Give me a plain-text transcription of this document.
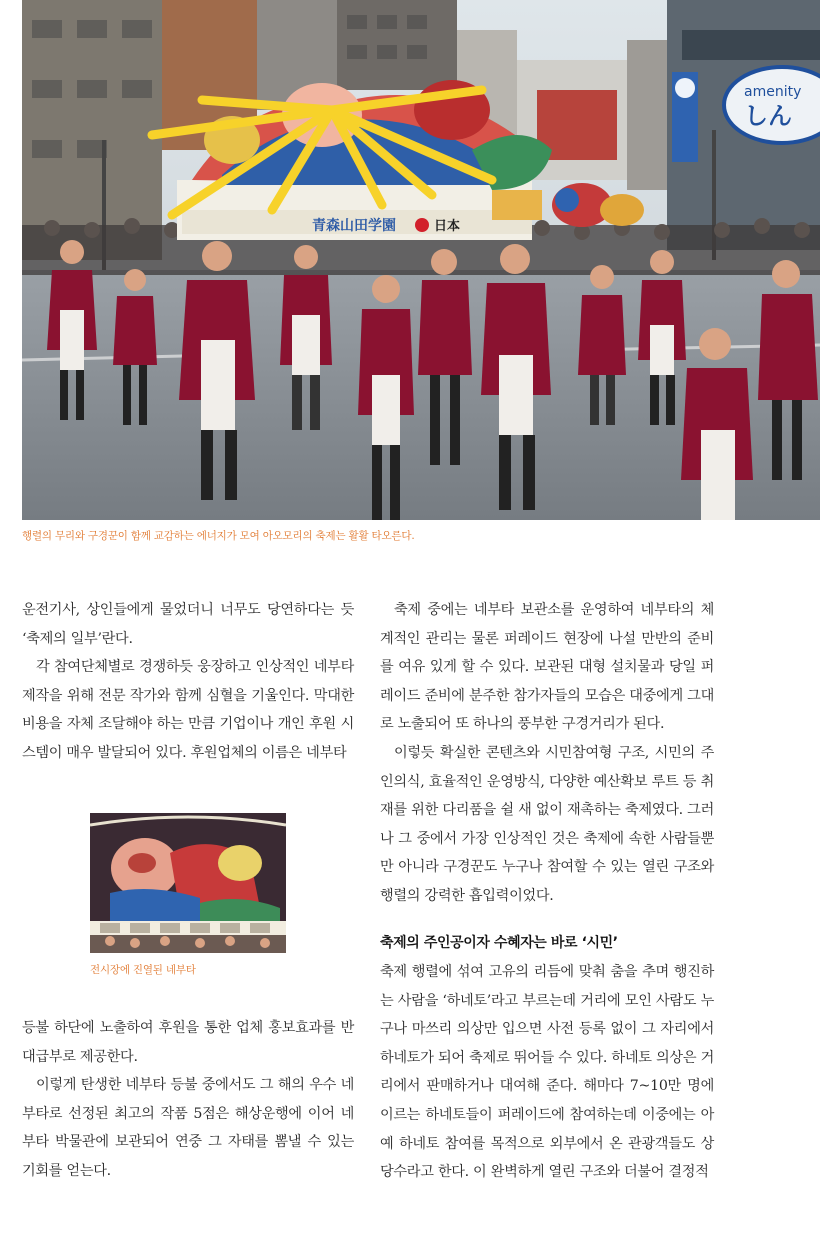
amenity
しん
青森山田学園	日本
행렬의 무리와 구경꾼이 함께 교감하는 에너지가 모여 아오모리의 축제는 활활 타오른다.

운전기사, 상인들에게 물었더니 너무도 당연하다는 듯 ‘축제의 일부’란다.

각 참여단체별로 경쟁하듯 웅장하고 인상적인 네부타 제작을 위해 전문 작가와 함께 심혈을 기울인다. 막대한 비용을 자체 조달해야 하는 만큼 기업이나 개인 후원 시스템이 매우 발달되어 있다. 후원업체의 이름은 네부타

전시장에 진열된 네부타

등불 하단에 노출하여 후원을 통한 업체 홍보효과를 반대급부로 제공한다.

이렇게 탄생한 네부타 등불 중에서도 그 해의 우수 네부타로 선정된 최고의 작품 5점은 해상운행에 이어 네부타 박물관에 보관되어 연중 그 자태를 뽐낼 수 있는 기회를 얻는다.

축제 중에는 네부타 보관소를 운영하여 네부타의 체계적인 관리는 물론 퍼레이드 현장에 나설 만반의 준비를 여유 있게 할 수 있다. 보관된 대형 설치물과 당일 퍼레이드 준비에 분주한 참가자들의 모습은 대중에게 그대로 노출되어 또 하나의 풍부한 구경거리가 된다.

이렇듯 확실한 콘텐츠와 시민참여형 구조, 시민의 주인의식, 효율적인 운영방식, 다양한 예산확보 루트 등 취재를 위한 다리품을 쉴 새 없이 재촉하는 축제였다. 그러나 그 중에서 가장 인상적인 것은 축제에 속한 사람들뿐만 아니라 구경꾼도 누구나 참여할 수 있는 열린 구조와 행렬의 강력한 흡입력이었다.

축제의 주인공이자 수혜자는 바로 ‘시민’

축제 행렬에 섞여 고유의 리듬에 맞춰 춤을 추며 행진하는 사람을 ‘하네토’라고 부르는데 거리에 모인 사람도 누구나 마쓰리 의상만 입으면 사전 등록 없이 그 자리에서 하네토가 되어 축제로 뛰어들 수 있다. 하네토 의상은 거리에서 판매하거나 대여해 준다. 해마다 7~10만 명에 이르는 하네토들이 퍼레이드에 참여하는데 이중에는 아예 하네토 참여를 목적으로 외부에서 온 관광객들도 상당수라고 한다. 이 완벽하게 열린 구조와 더불어 결정적
